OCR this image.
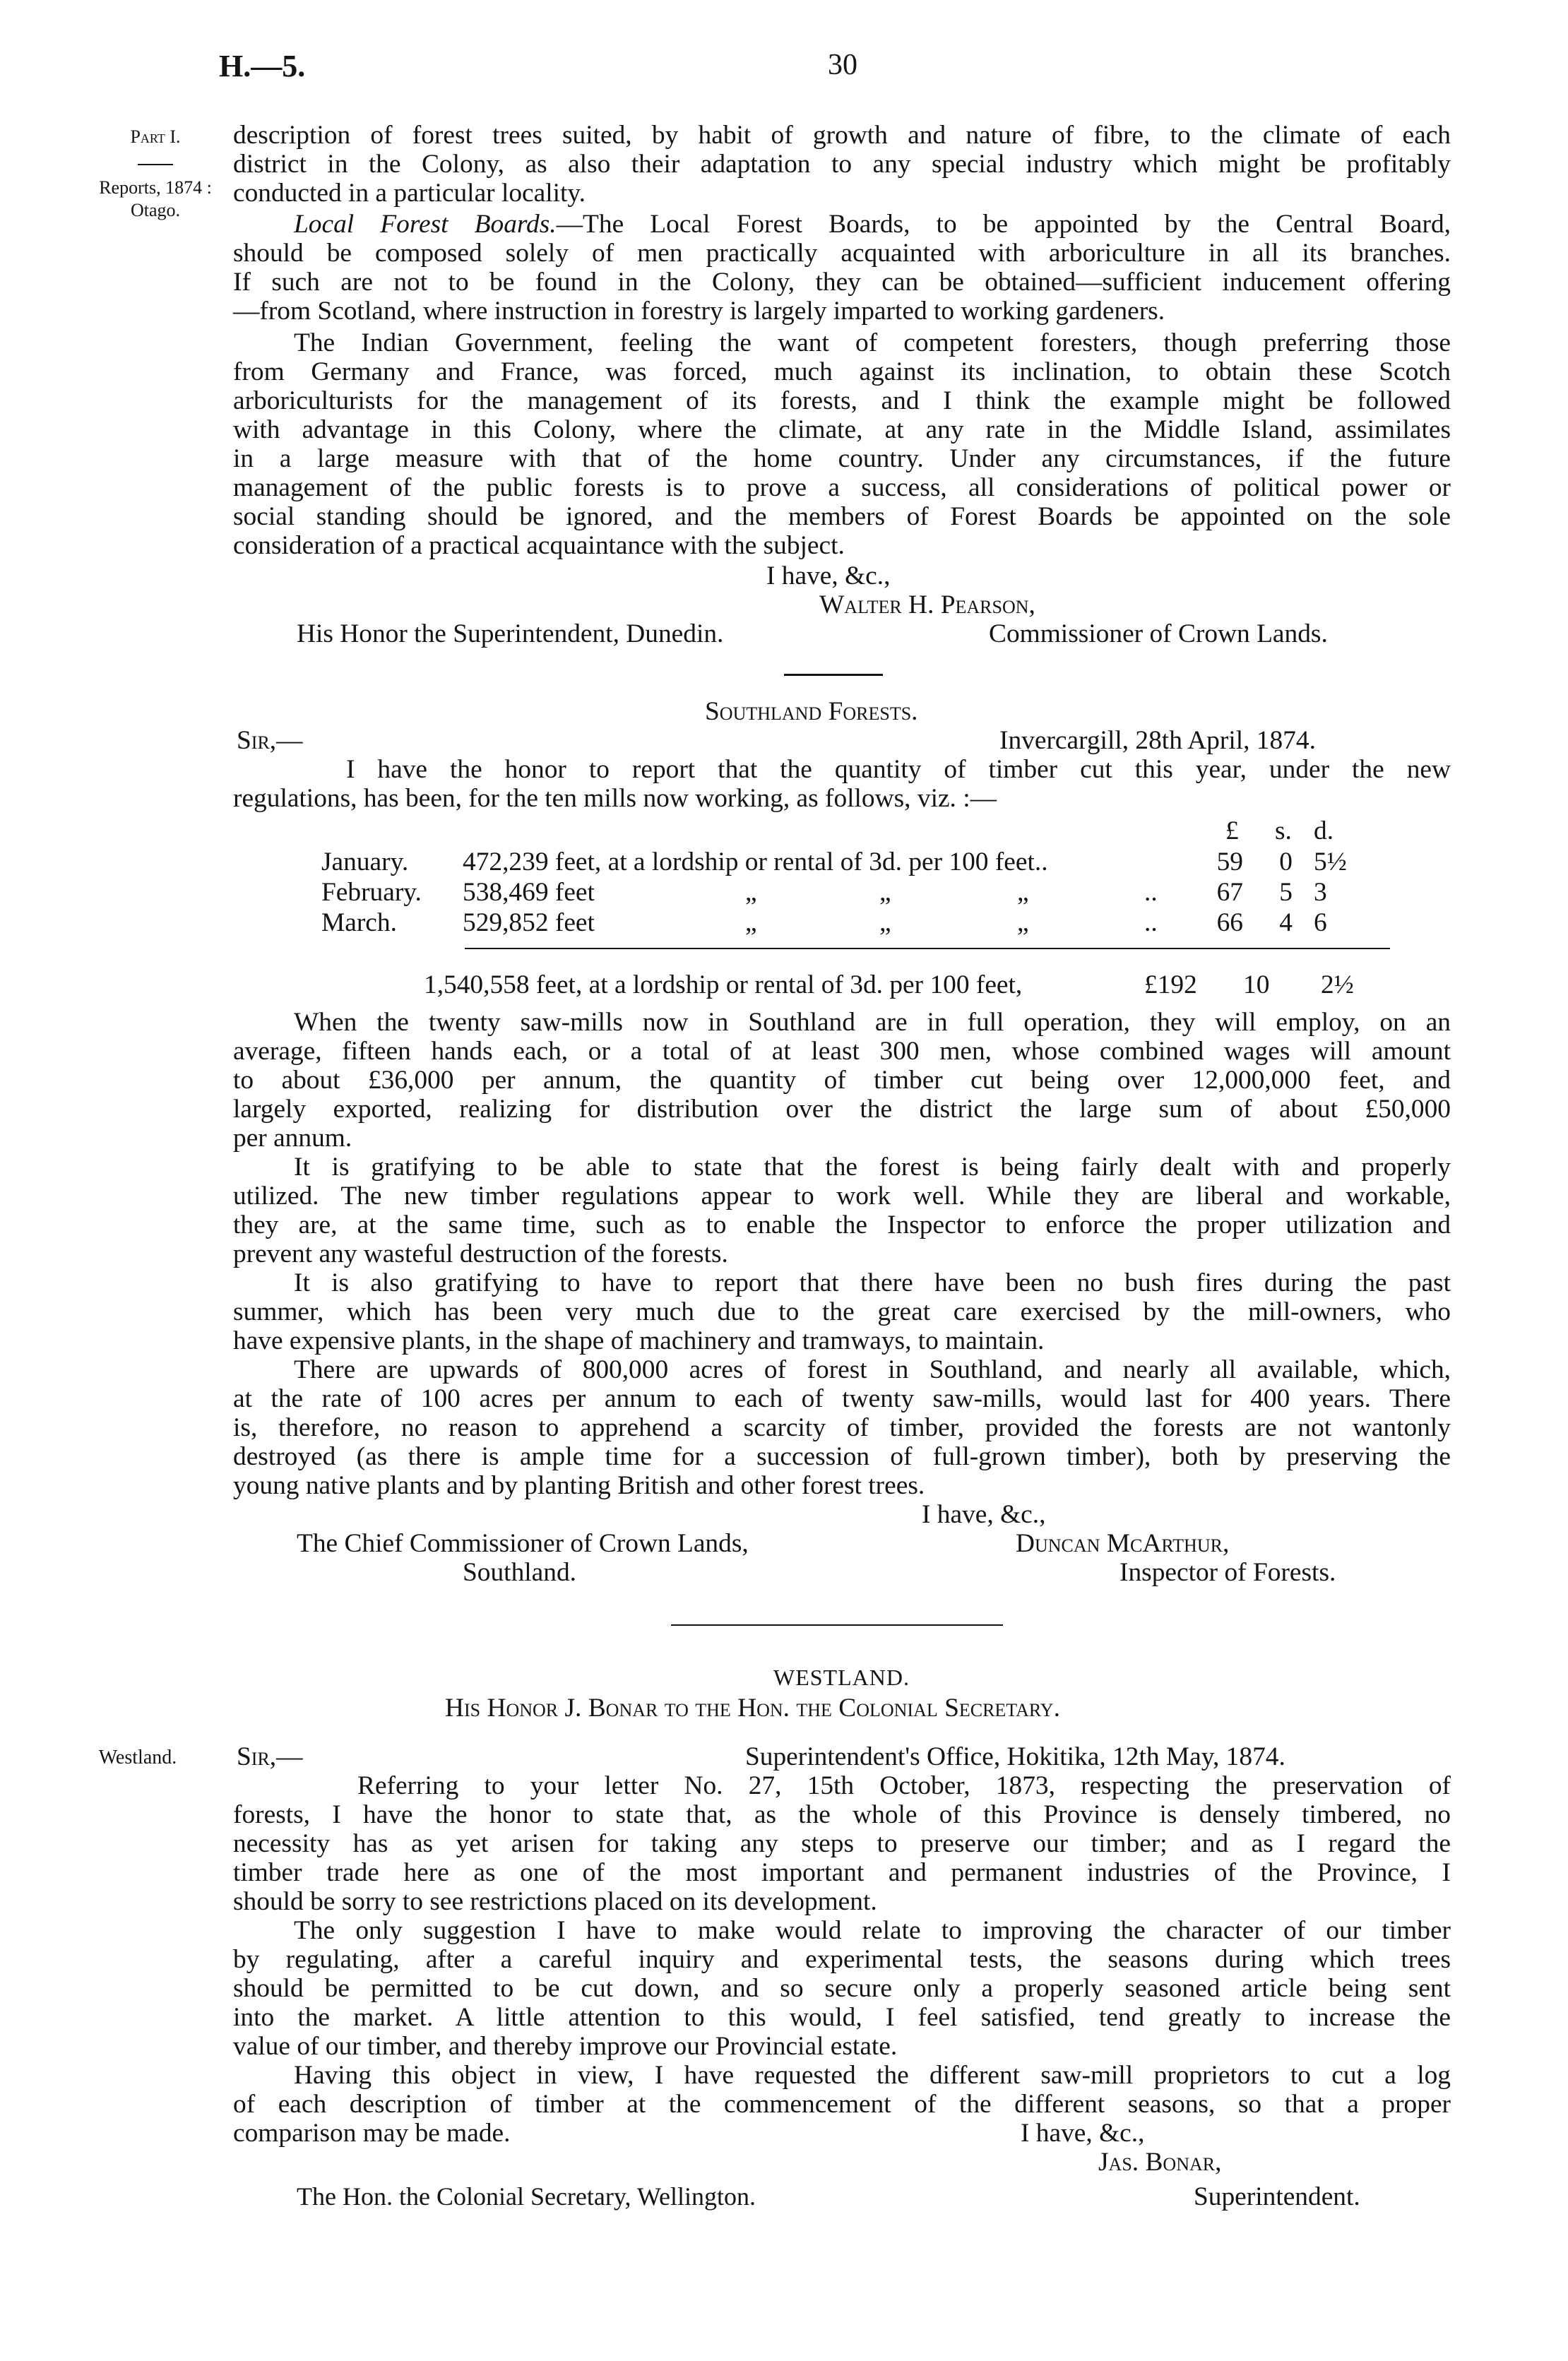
H.—5.	30
Part I.
Reports, 1874 :
Otago.
Westland.
description of forest trees suited, by habit of growth and nature of fibre, to the climate of each
district in the Colony, as also their adaptation to any special industry which might be profitably
conducted in a particular locality.
Local Forest Boards.—The Local Forest Boards, to be appointed by the Central Board,
should be composed solely of men practically acquainted with arboriculture in all its branches.
If such are not to be found in the Colony, they can be obtained—sufficient inducement offering
—from Scotland, where instruction in forestry is largely imparted to working gardeners.
The Indian Government, feeling the want of competent foresters, though preferring those
from Germany and France, was forced, much against its inclination, to obtain these Scotch
arboriculturists for the management of its forests, and I think the example might be followed
with advantage in this Colony, where the climate, at any rate in the Middle Island, assimilates
in a large measure with that of the home country. Under any circumstances, if the future
management of the public forests is to prove a success, all considerations of political power or
social standing should be ignored, and the members of Forest Boards be appointed on the sole
consideration of a practical acquaintance with the subject.
I have, &c.,
Walter H. Pearson,
His Honor the Superintendent, Dunedin.	Commissioner of Crown Lands.
Southland Forests.
Sir,—	Invercargill, 28th April, 1874.
I have the honor to report that the quantity of timber cut this year, under the new
regulations, has been, for the ten mills now working, as follows, viz. :—
£ s. d.
January. 472,239 feet, at a lordship or rental of 3d. per 100 feet..	59	0 5½
February. 538,469 feet	„	„	„	..	67	5 3
March. 529,852 feet	„	„	„	..	66	4 6
1,540,558 feet, at a lordship or rental of 3d. per 100 feet,	£192 10 2½
When the twenty saw-mills now in Southland are in full operation, they will employ, on an
average, fifteen hands each, or a total of at least 300 men, whose combined wages will amount
to about £36,000 per annum, the quantity of timber cut being over 12,000,000 feet, and
largely exported, realizing for distribution over the district the large sum of about £50,000
per annum.
It is gratifying to be able to state that the forest is being fairly dealt with and properly
utilized. The new timber regulations appear to work well. While they are liberal and workable,
they are, at the same time, such as to enable the Inspector to enforce the proper utilization and
prevent any wasteful destruction of the forests.
It is also gratifying to have to report that there have been no bush fires during the past
summer, which has been very much due to the great care exercised by the mill-owners, who
have expensive plants, in the shape of machinery and tramways, to maintain.
There are upwards of 800,000 acres of forest in Southland, and nearly all available, which,
at the rate of 100 acres per annum to each of twenty saw-mills, would last for 400 years. There
is, therefore, no reason to apprehend a scarcity of timber, provided the forests are not wantonly
destroyed (as there is ample time for a succession of full-grown timber), both by preserving the
young native plants and by planting British and other forest trees.
I have, &c.,
The Chief Commissioner of Crown Lands,	Duncan McArthur,
Southland.	Inspector of Forests.
WESTLAND.
His Honor J. Bonar to the Hon. the Colonial Secretary.
Sir,—	Superintendent's Office, Hokitika, 12th May, 1874.
Referring to your letter No. 27, 15th October, 1873, respecting the preservation of
forests, I have the honor to state that, as the whole of this Province is densely timbered, no
necessity has as yet arisen for taking any steps to preserve our timber; and as I regard the
timber trade here as one of the most important and permanent industries of the Province, I
should be sorry to see restrictions placed on its development.
The only suggestion I have to make would relate to improving the character of our timber
by regulating, after a careful inquiry and experimental tests, the seasons during which trees
should be permitted to be cut down, and so secure only a properly seasoned article being sent
into the market. A little attention to this would, I feel satisfied, tend greatly to increase the
value of our timber, and thereby improve our Provincial estate.
Having this object in view, I have requested the different saw-mill proprietors to cut a log
of each description of timber at the commencement of the different seasons, so that a proper
comparison may be made.	I have, &c.,
Jas. Bonar,
The Hon. the Colonial Secretary, Wellington.	Superintendent.
